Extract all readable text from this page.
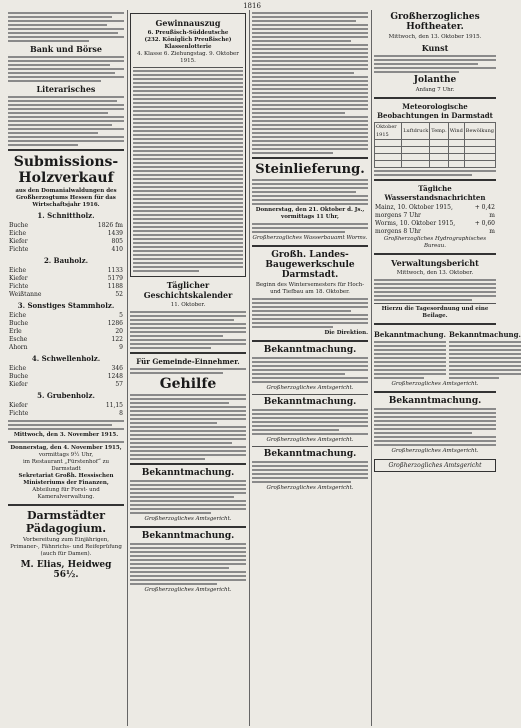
1816
Bank und Börse
Literarisches
Submissions-Holzverkauf
aus den Domanialwaldungen des Großherzogtums Hessen für das Wirtschaftsjahr 1916.
1. Schnittholz.
Buche	1826 fm
Eiche	1439
Kiefer	805
Fichte	410
2. Bauholz.
Eiche	1133
Kiefer	5179
Fichte	1188
Weißtanne	52
3. Sonstiges Stammholz.
Eiche	5
Buche	1286
Erle	20
Esche	122
Ahorn	9
4. Schwellenholz.
Eiche	346
Buche	1248
Kiefer	57
5. Grubenholz.
Kiefer	11,15
Fichte	8
Mittwoch, den 3. November 1915.
Donnerstag, den 4. November 1915,
vormittags 9½ Uhr,
im Restaurant „Fürstenhof“ zu Darmstadt
Sekretariat Großh. Hessischen Ministeriums der Finanzen,
Abteilung für Forst- und Kameralverwaltung.
Darmstädter Pädagogium.
Vorbereitung zum Einjährigen, Primaner-, Fähnrichs- und Reifeprüfung (auch für Damen).
M. Elias, Heidweg 56½.
Gewinnauszug
6. Preußisch-Süddeutsche
(232. Königlich Preußische) Klassenlotterie
4. Klasse 6. Ziehungstag. 9. Oktober 1915.
Täglicher Geschichtskalender
11. Oktober.
Für Gemeinde-Einnehmer.
Gehilfe
Bekanntmachung.
Großherzogliches Amtsgericht.
Bekanntmachung.
Großherzogliches Amtsgericht.
Steinlieferung.
Donnerstag, den 21. Oktober d. Js., vormittags 11 Uhr,
Großherzogliches Wasserbauamt Worms.
Großh. Landes-Baugewerkschule Darmstadt.
Beginn des Wintersemesters für Hoch- und Tiefbau am 18. Oktober.
Die Direktion.
Bekanntmachung.
Großherzogliches Amtsgericht.
Bekanntmachung.
Großherzogliches Amtsgericht.
Bekanntmachung.
Großherzogliches Amtsgericht.
Großherzogliches Hoftheater.
Mittwoch, den 13. Oktober 1915.
Kunst
Jolanthe
Anfang 7 Uhr.
Meteorologische Beobachtungen in Darmstadt
Oktober 1915	Luftdruck	Temp.	Wind	Bewölkung

Tägliche Wasserstandsnachrichten
Mainz, 10. Oktober 1915, morgens 7 Uhr	+ 0,42 m
Worms, 10. Oktober 1915, morgens 8 Uhr	+ 0,60 m
Großherzogliches Hydrographisches Bureau.
Verwaltungsbericht
Mittwoch, den 13. Oktober.
Hierzu die Tagesordnung und eine Beilage.
Bekanntmachung. Bekanntmachung.
Großherzogliches Amtsgericht.
Bekanntmachung.
Großherzogliches Amtsgericht.
Großherzogliches Amtsgericht
